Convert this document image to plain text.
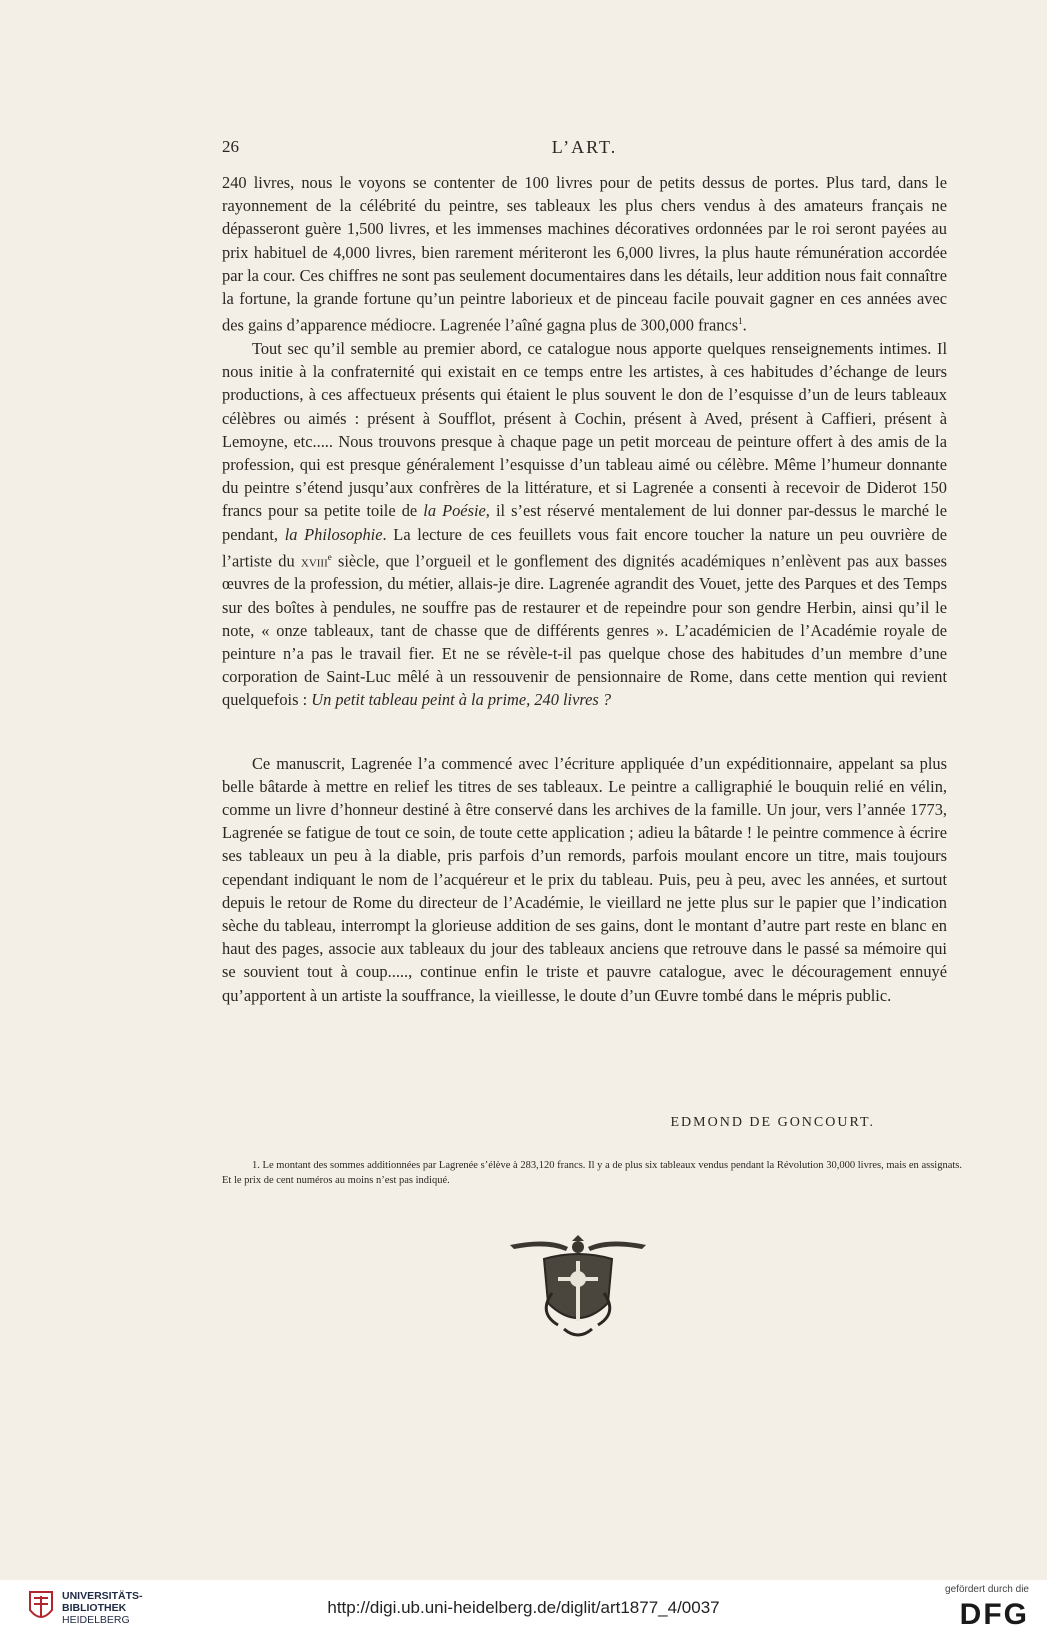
26	L’ART.

240 livres, nous le voyons se contenter de 100 livres pour de petits dessus de portes. Plus tard, dans le rayonnement de la célébrité du peintre, ses tableaux les plus chers vendus à des amateurs français ne dépasseront guère 1,500 livres, et les immenses machines décoratives ordonnées par le roi seront payées au prix habituel de 4,000 livres, bien rarement mériteront les 6,000 livres, la plus haute rémunération accordée par la cour. Ces chiffres ne sont pas seulement documentaires dans les détails, leur addition nous fait connaître la fortune, la grande fortune qu’un peintre laborieux et de pinceau facile pouvait gagner en ces années avec des gains d’apparence médiocre. Lagrenée l’aîné gagna plus de 300,000 francs$^1$.

Tout sec qu’il semble au premier abord, ce catalogue nous apporte quelques renseignements intimes. Il nous initie à la confraternité qui existait en ce temps entre les artistes, à ces habitudes d’échange de leurs productions, à ces affectueux présents qui étaient le plus souvent le don de l’esquisse d’un de leurs tableaux célèbres ou aimés : présent à Soufflot, présent à Cochin, présent à Aved, présent à Caffieri, présent à Lemoyne, etc..... Nous trouvons presque à chaque page un petit morceau de peinture offert à des amis de la profession, qui est presque généralement l’esquisse d’un tableau aimé ou célèbre. Même l’humeur donnante du peintre s’étend jusqu’aux confrères de la littérature, et si Lagrenée a consenti à recevoir de Diderot 150 francs pour sa petite toile de la Poésie, il s’est réservé mentalement de lui donner par-dessus le marché le pendant, la Philosophie. La lecture de ces feuillets vous fait encore toucher la nature un peu ouvrière de l’artiste du xviii$^e$ siècle, que l’orgueil et le gonflement des dignités académiques n’enlèvent pas aux basses œuvres de la profession, du métier, allais-je dire. Lagrenée agrandit des Vouet, jette des Parques et des Temps sur des boîtes à pendules, ne souffre pas de restaurer et de repeindre pour son gendre Herbin, ainsi qu’il le note, « onze tableaux, tant de chasse que de différents genres ». L’académicien de l’Académie royale de peinture n’a pas le travail fier. Et ne se révèle-t-il pas quelque chose des habitudes d’un membre d’une corporation de Saint-Luc mêlé à un ressouvenir de pensionnaire de Rome, dans cette mention qui revient quelquefois : Un petit tableau peint à la prime, 240 livres ?

Ce manuscrit, Lagrenée l’a commencé avec l’écriture appliquée d’un expéditionnaire, appelant sa plus belle bâtarde à mettre en relief les titres de ses tableaux. Le peintre a calligraphié le bouquin relié en vélin, comme un livre d’honneur destiné à être conservé dans les archives de la famille. Un jour, vers l’année 1773, Lagrenée se fatigue de tout ce soin, de toute cette application ; adieu la bâtarde ! le peintre commence à écrire ses tableaux un peu à la diable, pris parfois d’un remords, parfois moulant encore un titre, mais toujours cependant indiquant le nom de l’acquéreur et le prix du tableau. Puis, peu à peu, avec les années, et surtout depuis le retour de Rome du directeur de l’Académie, le vieillard ne jette plus sur le papier que l’indication sèche du tableau, interrompt la glorieuse addition de ses gains, dont le montant d’autre part reste en blanc en haut des pages, associe aux tableaux du jour des tableaux anciens que retrouve dans le passé sa mémoire qui se souvient tout à coup....., continue enfin le triste et pauvre catalogue, avec le découragement ennuyé qu’apportent à un artiste la souffrance, la vieillesse, le doute d’un Œuvre tombé dans le mépris public.

EDMOND DE GONCOURT.
1. Le montant des sommes additionnées par Lagrenée s’élève à 283,120 francs. Il y a de plus six tableaux vendus pendant la Révolution 30,000 livres, mais en assignats. Et le prix de cent numéros au moins n’est pas indiqué.
UNIVERSITÄTS-
BIBLIOTHEK
HEIDELBERG
http://digi.ub.uni-heidelberg.de/diglit/art1877_4/0037
gefördert durch die
DFG
